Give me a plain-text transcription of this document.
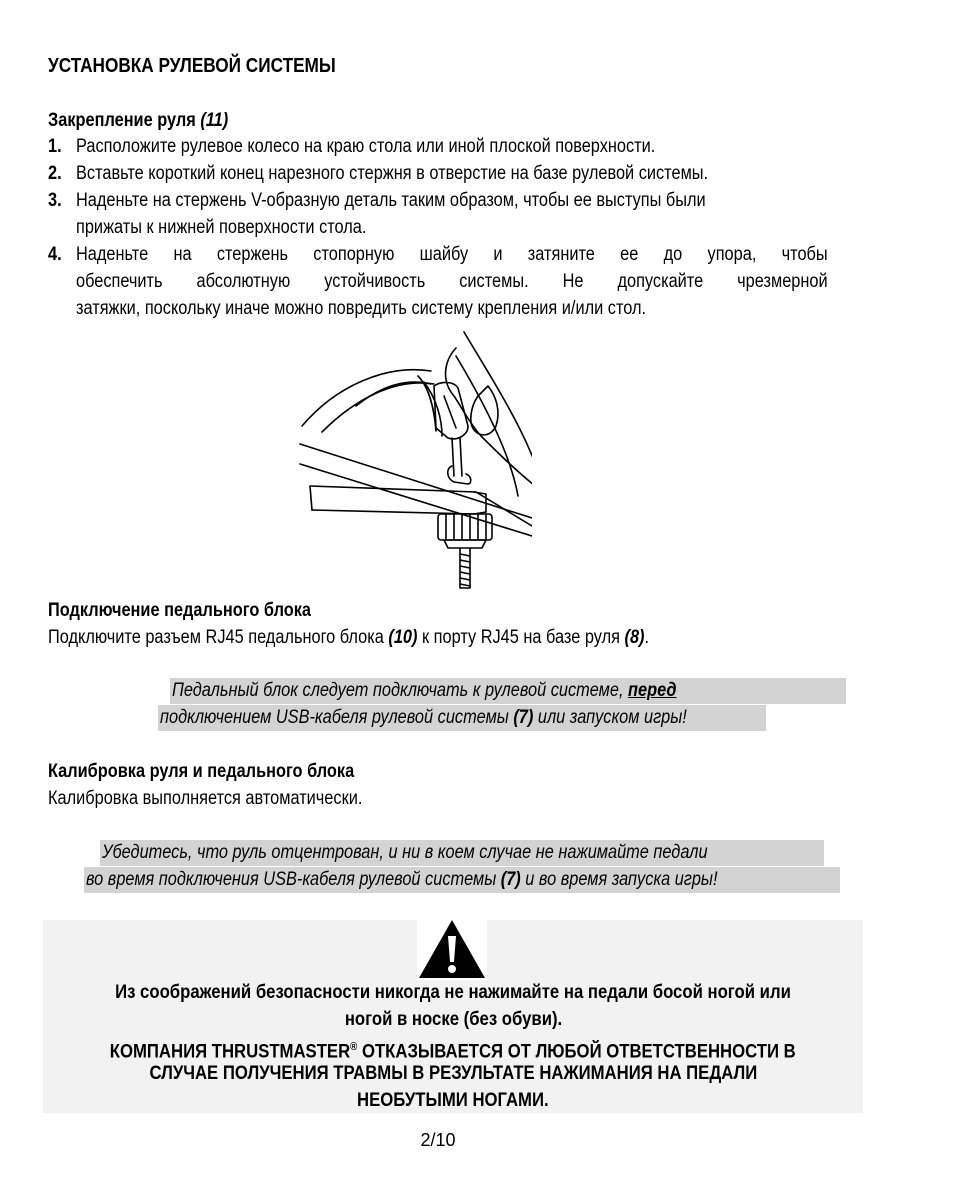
УСТАНОВКА РУЛЕВОЙ СИСТЕМЫ
Закрепление руля (11)
1. Расположите рулевое колесо на краю стола или иной плоской поверхности.
2. Вставьте короткий конец нарезного стержня в отверстие на базе рулевой системы.
3. Наденьте на стержень V-образную деталь таким образом, чтобы ее выступы были
прижаты к нижней поверхности стола.
4. Наденьте на стержень стопорную шайбу и затяните ее до упора, чтобы
обеспечить абсолютную устойчивость системы. Не допускайте чрезмерной
затяжки, поскольку иначе можно повредить систему крепления и/или стол.
Подключение педального блока
Подключите разъем RJ45 педального блока (10) к порту RJ45 на базе руля (8).
Педальный блок следует подключать к рулевой системе, перед
подключением USB-кабеля рулевой системы (7) или запуском игры!
Калибровка руля и педального блока
Калибровка выполняется автоматически.
Убедитесь, что руль отцентрован, и ни в коем случае не нажимайте педали
во время подключения USB-кабеля рулевой системы (7) и во время запуска игры!
Из соображений безопасности никогда не нажимайте на педали босой ногой или
ногой в носке (без обуви).
КОМПАНИЯ THRUSTMASTER® ОТКАЗЫВАЕТСЯ ОТ ЛЮБОЙ ОТВЕТСТВЕННОСТИ В
СЛУЧАЕ ПОЛУЧЕНИЯ ТРАВМЫ В РЕЗУЛЬТАТЕ НАЖИМАНИЯ НА ПЕДАЛИ
НЕОБУТЫМИ НОГАМИ.
2/10
